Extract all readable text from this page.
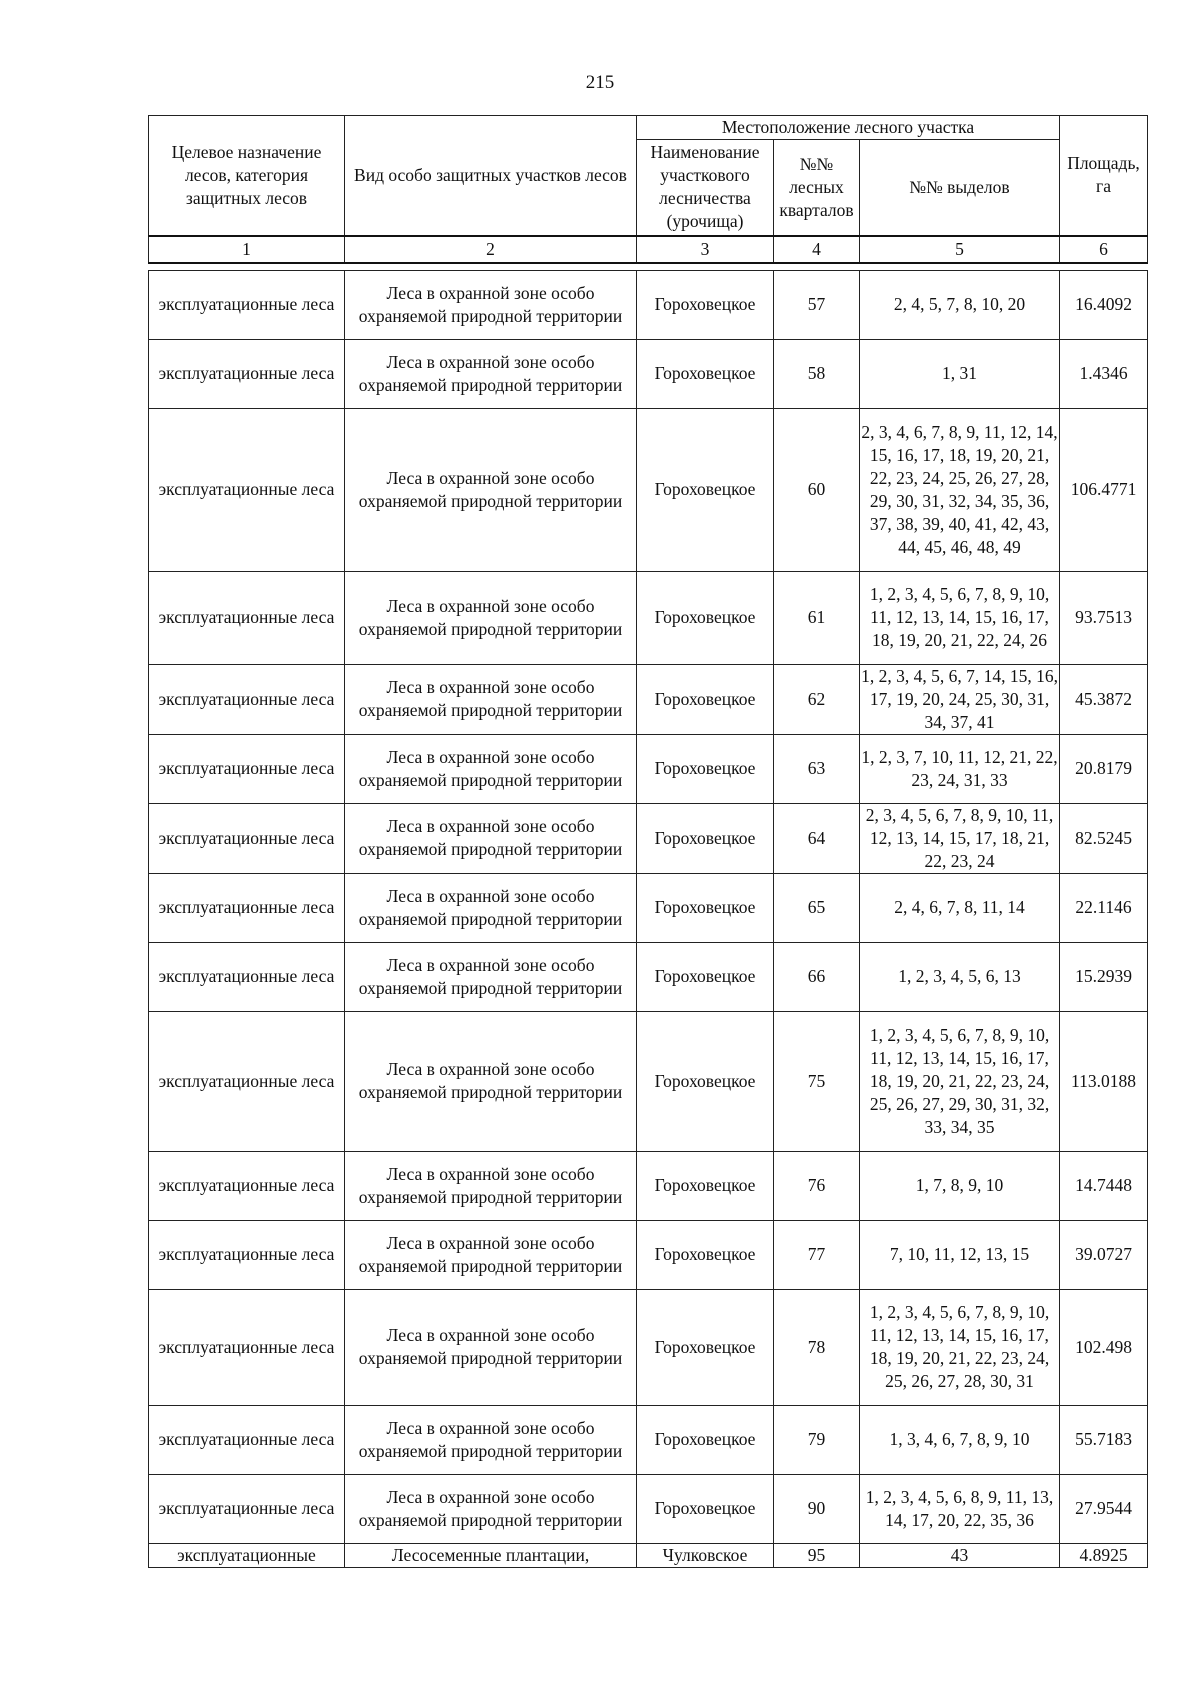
215
Целевое назначение лесов, категория защитных лесов	Вид особо защитных участков лесов	Местоположение лесного участка			Площадь, га
		Наименование участкового лесничества (урочища)	№№ лесных кварталов	№№ выделов	
1	2	3	4	5	6

эксплуатационные леса	Леса в охранной зоне особо охраняемой природной территории	Гороховецкое	57	2, 4, 5, 7, 8, 10, 20	16.4092
эксплуатационные леса	Леса в охранной зоне особо охраняемой природной территории	Гороховецкое	58	1, 31	1.4346
эксплуатационные леса	Леса в охранной зоне особо охраняемой природной территории	Гороховецкое	60	2, 3, 4, 6, 7, 8, 9, 11, 12, 14, 15, 16, 17, 18, 19, 20, 21, 22, 23, 24, 25, 26, 27, 28, 29, 30, 31, 32, 34, 35, 36, 37, 38, 39, 40, 41, 42, 43, 44, 45, 46, 48, 49	106.4771
эксплуатационные леса	Леса в охранной зоне особо охраняемой природной территории	Гороховецкое	61	1, 2, 3, 4, 5, 6, 7, 8, 9, 10, 11, 12, 13, 14, 15, 16, 17, 18, 19, 20, 21, 22, 24, 26	93.7513
эксплуатационные леса	Леса в охранной зоне особо охраняемой природной территории	Гороховецкое	62	1, 2, 3, 4, 5, 6, 7, 14, 15, 16, 17, 19, 20, 24, 25, 30, 31, 34, 37, 41	45.3872
эксплуатационные леса	Леса в охранной зоне особо охраняемой природной территории	Гороховецкое	63	1, 2, 3, 7, 10, 11, 12, 21, 22, 23, 24, 31, 33	20.8179
эксплуатационные леса	Леса в охранной зоне особо охраняемой природной территории	Гороховецкое	64	2, 3, 4, 5, 6, 7, 8, 9, 10, 11, 12, 13, 14, 15, 17, 18, 21, 22, 23, 24	82.5245
эксплуатационные леса	Леса в охранной зоне особо охраняемой природной территории	Гороховецкое	65	2, 4, 6, 7, 8, 11, 14	22.1146
эксплуатационные леса	Леса в охранной зоне особо охраняемой природной территории	Гороховецкое	66	1, 2, 3, 4, 5, 6, 13	15.2939
эксплуатационные леса	Леса в охранной зоне особо охраняемой природной территории	Гороховецкое	75	1, 2, 3, 4, 5, 6, 7, 8, 9, 10, 11, 12, 13, 14, 15, 16, 17, 18, 19, 20, 21, 22, 23, 24, 25, 26, 27, 29, 30, 31, 32, 33, 34, 35	113.0188
эксплуатационные леса	Леса в охранной зоне особо охраняемой природной территории	Гороховецкое	76	1, 7, 8, 9, 10	14.7448
эксплуатационные леса	Леса в охранной зоне особо охраняемой природной территории	Гороховецкое	77	7, 10, 11, 12, 13, 15	39.0727
эксплуатационные леса	Леса в охранной зоне особо охраняемой природной территории	Гороховецкое	78	1, 2, 3, 4, 5, 6, 7, 8, 9, 10, 11, 12, 13, 14, 15, 16, 17, 18, 19, 20, 21, 22, 23, 24, 25, 26, 27, 28, 30, 31	102.498
эксплуатационные леса	Леса в охранной зоне особо охраняемой природной территории	Гороховецкое	79	1, 3, 4, 6, 7, 8, 9, 10	55.7183
эксплуатационные леса	Леса в охранной зоне особо охраняемой природной территории	Гороховецкое	90	1, 2, 3, 4, 5, 6, 8, 9, 11, 13, 14, 17, 20, 22, 35, 36	27.9544
эксплуатационные	Лесосеменные плантации,	Чулковское	95	43	4.8925
